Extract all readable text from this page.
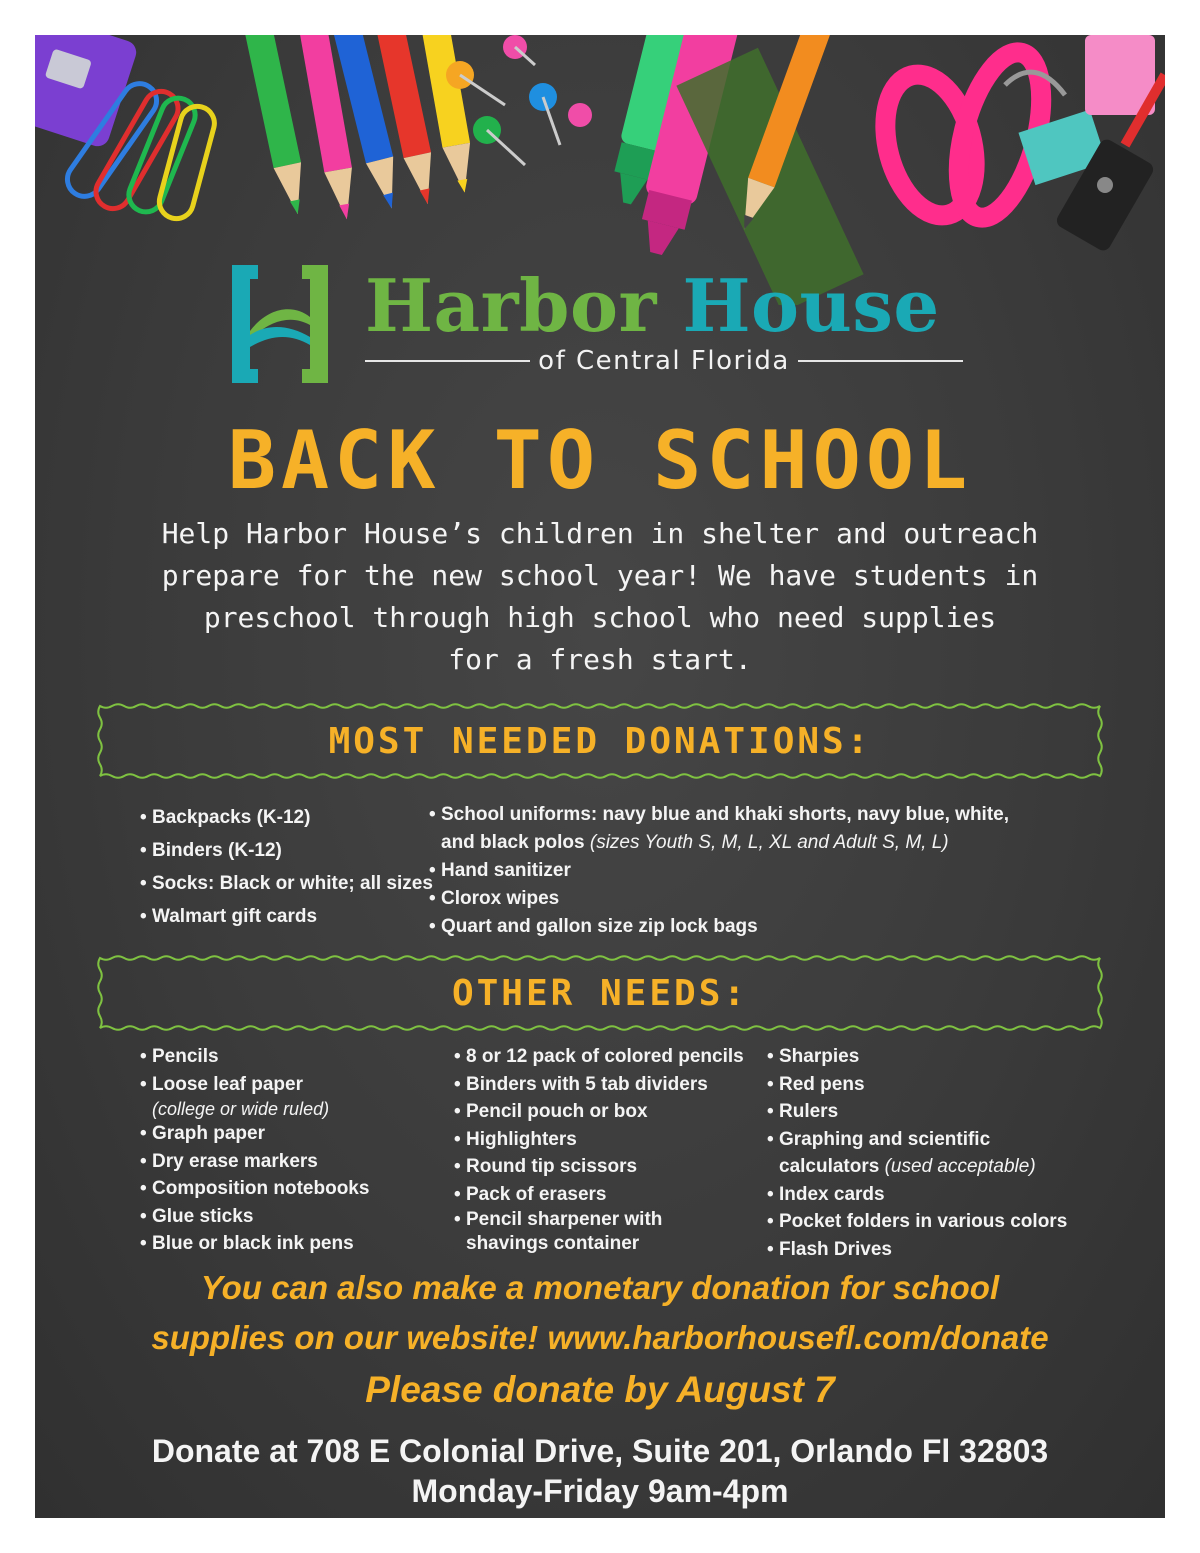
Harbor House
of Central Florida
BACK TO SCHOOL

Help Harbor House’s children in shelter and outreach
prepare for the new school year! We have students in
preschool through high school who need supplies
for a fresh start.

MOST NEEDED DONATIONS:
• Backpacks (K-12)
• Binders (K-12)
• Socks: Black or white; all sizes
• Walmart gift cards
• School uniforms: navy blue and khaki shorts, navy blue, white,
and black polos (sizes Youth S, M, L, XL and Adult S, M, L)
• Hand sanitizer
• Clorox wipes
• Quart and gallon size zip lock bags
OTHER NEEDS:
• Pencils
• Loose leaf paper
(college or wide ruled)
• Graph paper
• Dry erase markers
• Composition notebooks
• Glue sticks
• Blue or black ink pens
• 8 or 12 pack of colored pencils
• Binders with 5 tab dividers
• Pencil pouch or box
• Highlighters
• Round tip scissors
• Pack of erasers
• Pencil sharpener with
shavings container
• Sharpies
• Red pens
• Rulers
• Graphing and scientific
calculators (used acceptable)
• Index cards
• Pocket folders in various colors
• Flash Drives

You can also make a monetary donation for school
supplies on our website! www.harborhousefl.com/donate

Please donate by August 7

Donate at 708 E Colonial Drive, Suite 201, Orlando Fl 32803
Monday-Friday 9am-4pm
